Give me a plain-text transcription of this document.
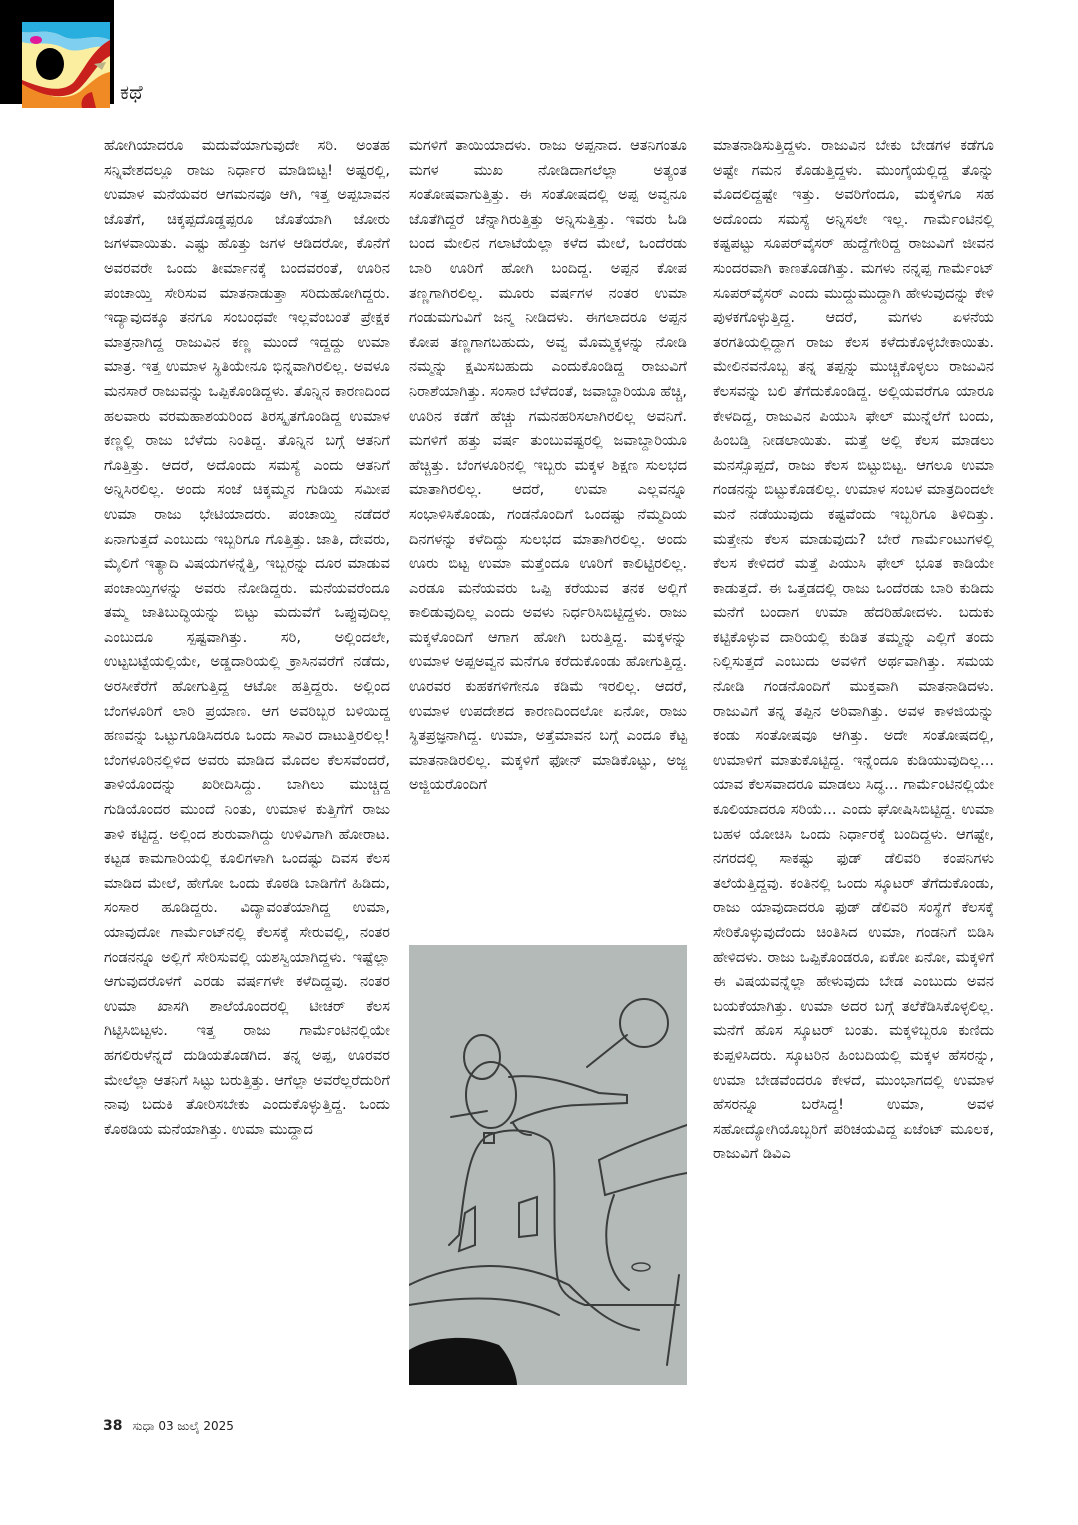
ಕಥೆ

ಹೋಗಿಯಾದರೂ ಮದುವೆಯಾಗುವುದೇ ಸರಿ. ಅಂತಹ ಸನ್ನಿವೇಶದಲ್ಲೂ ರಾಜು ನಿರ್ಧಾರ ಮಾಡಿಬಿಟ್ಟ! ಅಷ್ಟರಲ್ಲಿ, ಉಮಾಳ ಮನೆಯವರ ಆಗಮನವೂ ಆಗಿ, ಇತ್ತ ಅಪ್ಪಬಾವನ ಜೊತೆಗೆ, ಚಿಕ್ಕಪ್ಪದೊಡ್ಡಪ್ಪರೂ ಜೊತೆಯಾಗಿ ಜೋರು ಜಗಳವಾಯಿತು. ಎಷ್ಟು ಹೊತ್ತು ಜಗಳ ಆಡಿದರೋ, ಕೊನೆಗೆ ಅವರವರೇ ಒಂದು ತೀರ್ಮಾನಕ್ಕೆ ಬಂದವರಂತೆ, ಊರಿನ ಪಂಚಾಯ್ತಿ ಸೇರಿಸುವ ಮಾತನಾಡುತ್ತಾ ಸರಿದುಹೋಗಿದ್ದರು. ಇದ್ಯಾವುದಕ್ಕೂ ತನಗೂ ಸಂಬಂಧವೇ ಇಲ್ಲವೆಂಬಂತೆ ಪ್ರೇಕ್ಷಕ ಮಾತ್ರನಾಗಿದ್ದ ರಾಜುವಿನ ಕಣ್ಣ ಮುಂದೆ ಇದ್ದದ್ದು ಉಮಾ ಮಾತ್ರ. ಇತ್ತ ಉಮಾಳ ಸ್ಥಿತಿಯೇನೂ ಭಿನ್ನವಾಗಿರಲಿಲ್ಲ. ಅವಳೂ ಮನಸಾರೆ ರಾಜುವನ್ನು ಒಪ್ಪಿಕೊಂಡಿದ್ದಳು. ತೊನ್ನಿನ ಕಾರಣದಿಂದ ಹಲವಾರು ವರಮಹಾಶಯರಿಂದ ತಿರಸ್ಕೃತಗೊಂಡಿದ್ದ ಉಮಾಳ ಕಣ್ಣಲ್ಲಿ ರಾಜು ಬೆಳೆದು ನಿಂತಿದ್ದ. ತೊನ್ನಿನ ಬಗ್ಗೆ ಆತನಿಗೆ ಗೊತ್ತಿತ್ತು. ಆದರೆ, ಅದೊಂದು ಸಮಸ್ಯೆ ಎಂದು ಆತನಿಗೆ ಅನ್ನಿಸಿರಲಿಲ್ಲ. ಅಂದು ಸಂಜೆ ಚಿಕ್ಕಮ್ಮನ ಗುಡಿಯ ಸಮೀಪ ಉಮಾ ರಾಜು ಭೇಟಿಯಾದರು. ಪಂಚಾಯ್ತಿ ನಡೆದರೆ ಏನಾಗುತ್ತದೆ ಎಂಬುದು ಇಬ್ಬರಿಗೂ ಗೊತ್ತಿತ್ತು. ಜಾತಿ, ದೇವರು, ಮೈಲಿಗೆ ಇತ್ಯಾದಿ ವಿಷಯಗಳನ್ನೆತ್ತಿ, ಇಬ್ಬರನ್ನು ದೂರ ಮಾಡುವ ಪಂಚಾಯ್ತಿಗಳನ್ನು ಅವರು ನೋಡಿದ್ದರು. ಮನೆಯವರೆಂದೂ ತಮ್ಮ ಜಾತಿಬುದ್ಧಿಯನ್ನು ಬಿಟ್ಟು ಮದುವೆಗೆ ಒಪ್ಪುವುದಿಲ್ಲ ಎಂಬುದೂ ಸ್ಪಷ್ಟವಾಗಿತ್ತು. ಸರಿ, ಅಲ್ಲಿಂದಲೇ, ಉಟ್ಟಬಟ್ಟೆಯಲ್ಲಿಯೇ, ಅಡ್ಡದಾರಿಯಲ್ಲಿ ಕ್ರಾಸಿನವರೆಗೆ ನಡೆದು, ಅರಸೀಕೆರೆಗೆ ಹೋಗುತ್ತಿದ್ದ ಆಟೋ ಹತ್ತಿದ್ದರು. ಅಲ್ಲಿಂದ ಬೆಂಗಳೂರಿಗೆ ಲಾರಿ ಪ್ರಯಾಣ. ಆಗ ಅವರಿಬ್ಬರ ಬಳಿಯಿದ್ದ ಹಣವನ್ನು ಒಟ್ಟುಗೂಡಿಸಿದರೂ ಒಂದು ಸಾವಿರ ದಾಟುತ್ತಿರಲಿಲ್ಲ! ಬೆಂಗಳೂರಿನಲ್ಲಿಳಿದ ಅವರು ಮಾಡಿದ ಮೊದಲ ಕೆಲಸವೆಂದರೆ, ತಾಳಿಯೊಂದನ್ನು ಖರೀದಿಸಿದ್ದು. ಬಾಗಿಲು ಮುಚ್ಚಿದ್ದ ಗುಡಿಯೊಂದರ ಮುಂದೆ ನಿಂತು, ಉಮಾಳ ಕುತ್ತಿಗೆಗೆ ರಾಜು ತಾಳಿ ಕಟ್ಟಿದ್ದ. ಅಲ್ಲಿಂದ ಶುರುವಾಗಿದ್ದು ಉಳಿವಿಗಾಗಿ ಹೋರಾಟ. ಕಟ್ಟಡ ಕಾಮಗಾರಿಯಲ್ಲಿ ಕೂಲಿಗಳಾಗಿ ಒಂದಷ್ಟು ದಿವಸ ಕೆಲಸ ಮಾಡಿದ ಮೇಲೆ, ಹೇಗೋ ಒಂದು ಕೊಠಡಿ ಬಾಡಿಗೆಗೆ ಹಿಡಿದು, ಸಂಸಾರ ಹೂಡಿದ್ದರು. ವಿದ್ಯಾವಂತೆಯಾಗಿದ್ದ ಉಮಾ, ಯಾವುದೋ ಗಾರ್ಮೆಂಟ್‌ನಲ್ಲಿ ಕೆಲಸಕ್ಕೆ ಸೇರುವಲ್ಲಿ, ನಂತರ ಗಂಡನನ್ನೂ ಅಲ್ಲಿಗೆ ಸೇರಿಸುವಲ್ಲಿ ಯಶಸ್ವಿಯಾಗಿದ್ದಳು. ಇಷ್ಟೆಲ್ಲಾ ಆಗುವುದರೊಳಗೆ ಎರಡು ವರ್ಷಗಳೇ ಕಳೆದಿದ್ದವು. ನಂತರ ಉಮಾ ಖಾಸಗಿ ಶಾಲೆಯೊಂದರಲ್ಲಿ ಟೀಚರ್ ಕೆಲಸ ಗಿಟ್ಟಿಸಿಬಿಟ್ಟಳು. ಇತ್ತ ರಾಜು ಗಾರ್ಮೆಂಟಿನಲ್ಲಿಯೇ ಹಗಲಿರುಳೆನ್ನದೆ ದುಡಿಯತೊಡಗಿದ. ತನ್ನ ಅಪ್ಪ, ಊರವರ ಮೇಲೆಲ್ಲಾ ಆತನಿಗೆ ಸಿಟ್ಟು ಬರುತ್ತಿತ್ತು. ಆಗೆಲ್ಲಾ ಅವರೆಲ್ಲರೆದುರಿಗೆ ನಾವು ಬದುಕಿ ತೋರಿಸಬೇಕು ಎಂದುಕೊಳ್ಳುತ್ತಿದ್ದ. ಒಂದು ಕೊಠಡಿಯ ಮನೆಯಾಗಿತ್ತು. ಉಮಾ ಮುದ್ದಾದ

ಮಗಳಿಗೆ ತಾಯಿಯಾದಳು. ರಾಜು ಅಪ್ಪನಾದ. ಆತನಿಗಂತೂ ಮಗಳ ಮುಖ ನೋಡಿದಾಗಲೆಲ್ಲಾ ಅತ್ಯಂತ ಸಂತೋಷವಾಗುತ್ತಿತ್ತು. ಈ ಸಂತೋಷದಲ್ಲಿ ಅಪ್ಪ ಅವ್ವನೂ ಜೊತೆಗಿದ್ದರೆ ಚೆನ್ನಾಗಿರುತ್ತಿತ್ತು ಅನ್ನಿಸುತ್ತಿತ್ತು. ಇವರು ಓಡಿ ಬಂದ ಮೇಲಿನ ಗಲಾಟೆಯೆಲ್ಲಾ ಕಳೆದ ಮೇಲೆ, ಒಂದೆರಡು ಬಾರಿ ಊರಿಗೆ ಹೋಗಿ ಬಂದಿದ್ದ. ಅಪ್ಪನ ಕೋಪ ತಣ್ಣಗಾಗಿರಲಿಲ್ಲ. ಮೂರು ವರ್ಷಗಳ ನಂತರ ಉಮಾ ಗಂಡುಮಗುವಿಗೆ ಜನ್ಮ ನೀಡಿದಳು. ಈಗಲಾದರೂ ಅಪ್ಪನ ಕೋಪ ತಣ್ಣಗಾಗಬಹುದು, ಅವ್ವ ಮೊಮ್ಮಕ್ಕಳನ್ನು ನೋಡಿ ನಮ್ಮನ್ನು ಕ್ಷಮಿಸಬಹುದು ಎಂದುಕೊಂಡಿದ್ದ ರಾಜುವಿಗೆ ನಿರಾಶೆಯಾಗಿತ್ತು. ಸಂಸಾರ ಬೆಳೆದಂತೆ, ಜವಾಬ್ದಾರಿಯೂ ಹೆಚ್ಚಿ, ಊರಿನ ಕಡೆಗೆ ಹೆಚ್ಚು ಗಮನಹರಿಸಲಾಗಿರಲಿಲ್ಲ ಅವನಿಗೆ. ಮಗಳಿಗೆ ಹತ್ತು ವರ್ಷ ತುಂಬುವಷ್ಟರಲ್ಲಿ ಜವಾಬ್ದಾರಿಯೂ ಹೆಚ್ಚಿತ್ತು. ಬೆಂಗಳೂರಿನಲ್ಲಿ ಇಬ್ಬರು ಮಕ್ಕಳ ಶಿಕ್ಷಣ ಸುಲಭದ ಮಾತಾಗಿರಲಿಲ್ಲ. ಆದರೆ, ಉಮಾ ಎಲ್ಲವನ್ನೂ ಸಂಭಾಳಿಸಿಕೊಂಡು, ಗಂಡನೊಂದಿಗೆ ಒಂದಷ್ಟು ನೆಮ್ಮದಿಯ ದಿನಗಳನ್ನು ಕಳೆದಿದ್ದು ಸುಲಭದ ಮಾತಾಗಿರಲಿಲ್ಲ. ಅಂದು ಊರು ಬಿಟ್ಟ ಉಮಾ ಮತ್ತೆಂದೂ ಊರಿಗೆ ಕಾಲಿಟ್ಟಿರಲಿಲ್ಲ. ಎರಡೂ ಮನೆಯವರು ಒಪ್ಪಿ ಕರೆಯುವ ತನಕ ಅಲ್ಲಿಗೆ ಕಾಲಿಡುವುದಿಲ್ಲ ಎಂದು ಅವಳು ನಿರ್ಧರಿಸಿಬಿಟ್ಟಿದ್ದಳು. ರಾಜು ಮಕ್ಕಳೊಂದಿಗೆ ಆಗಾಗ ಹೋಗಿ ಬರುತ್ತಿದ್ದ. ಮಕ್ಕಳನ್ನು ಉಮಾಳ ಅಪ್ಪಅವ್ವನ ಮನೆಗೂ ಕರೆದುಕೊಂಡು ಹೋಗುತ್ತಿದ್ದ. ಊರವರ ಕುಹಕಗಳಿಗೇನೂ ಕಡಿಮೆ ಇರಲಿಲ್ಲ. ಆದರೆ, ಉಮಾಳ ಉಪದೇಶದ ಕಾರಣದಿಂದಲೋ ಏನೋ, ರಾಜು ಸ್ಥಿತಪ್ರಜ್ಞನಾಗಿದ್ದ. ಉಮಾ, ಅತ್ತೆಮಾವನ ಬಗ್ಗೆ ಎಂದೂ ಕೆಟ್ಟ ಮಾತನಾಡಿರಲಿಲ್ಲ. ಮಕ್ಕಳಿಗೆ ಫೋನ್ ಮಾಡಿಕೊಟ್ಟು, ಅಜ್ಜ ಅಜ್ಜಿಯರೊಂದಿಗೆ

ಮಾತನಾಡಿಸುತ್ತಿದ್ದಳು. ರಾಜುವಿನ ಬೇಕು ಬೇಡಗಳ ಕಡೆಗೂ ಅಷ್ಟೇ ಗಮನ ಕೊಡುತ್ತಿದ್ದಳು. ಮುಂಗೈಯಲ್ಲಿದ್ದ ತೊನ್ನು ಮೊದಲಿದ್ದಷ್ಟೇ ಇತ್ತು. ಅವರಿಗೆಂದೂ, ಮಕ್ಕಳಿಗೂ ಸಹ ಅದೊಂದು ಸಮಸ್ಯೆ ಅನ್ನಿಸಲೇ ಇಲ್ಲ. ಗಾರ್ಮೆಂಟಿನಲ್ಲಿ ಕಷ್ಟಪಟ್ಟು ಸೂಪರ್‌ವೈಸರ್ ಹುದ್ದೆಗೇರಿದ್ದ ರಾಜುವಿಗೆ ಜೀವನ ಸುಂದರವಾಗಿ ಕಾಣತೊಡಗಿತ್ತು. ಮಗಳು ನನ್ನಪ್ಪ ಗಾರ್ಮೆಂಟ್ ಸೂಪರ್‌ವೈಸರ್ ಎಂದು ಮುದ್ದುಮುದ್ದಾಗಿ ಹೇಳುವುದನ್ನು ಕೇಳಿ ಪುಳಕಗೊಳ್ಳುತ್ತಿದ್ದ. ಆದರೆ, ಮಗಳು ಏಳನೆಯ ತರಗತಿಯಲ್ಲಿದ್ದಾಗ ರಾಜು ಕೆಲಸ ಕಳೆದುಕೊಳ್ಳಬೇಕಾಯಿತು. ಮೇಲಿನವನೊಬ್ಬ ತನ್ನ ತಪ್ಪನ್ನು ಮುಚ್ಚಿಕೊಳ್ಳಲು ರಾಜುವಿನ ಕೆಲಸವನ್ನು ಬಲಿ ತೆಗೆದುಕೊಂಡಿದ್ದ. ಅಲ್ಲಿಯವರೆಗೂ ಯಾರೂ ಕೇಳದಿದ್ದ, ರಾಜುವಿನ ಪಿಯುಸಿ ಫೇಲ್ ಮುನ್ನೆಲೆಗೆ ಬಂದು, ಹಿಂಬಡ್ತಿ ನೀಡಲಾಯಿತು. ಮತ್ತೆ ಅಲ್ಲಿ ಕೆಲಸ ಮಾಡಲು ಮನಸ್ಸೊಪ್ಪದೆ, ರಾಜು ಕೆಲಸ ಬಿಟ್ಟುಬಿಟ್ಟ. ಆಗಲೂ ಉಮಾ ಗಂಡನನ್ನು ಬಿಟ್ಟುಕೊಡಲಿಲ್ಲ. ಉಮಾಳ ಸಂಬಳ ಮಾತ್ರದಿಂದಲೇ ಮನೆ ನಡೆಯುವುದು ಕಷ್ಟವೆಂದು ಇಬ್ಬರಿಗೂ ತಿಳಿದಿತ್ತು. ಮತ್ತೇನು ಕೆಲಸ ಮಾಡುವುದು? ಬೇರೆ ಗಾರ್ಮೆಂಟುಗಳಲ್ಲಿ ಕೆಲಸ ಕೇಳಿದರೆ ಮತ್ತೆ ಪಿಯುಸಿ ಫೇಲ್ ಭೂತ ಕಾಡಿಯೇ ಕಾಡುತ್ತದೆ. ಈ ಒತ್ತಡದಲ್ಲಿ ರಾಜು ಒಂದೆರಡು ಬಾರಿ ಕುಡಿದು ಮನೆಗೆ ಬಂದಾಗ ಉಮಾ ಹೆದರಿಹೋದಳು. ಬದುಕು ಕಟ್ಟಿಕೊಳ್ಳುವ ದಾರಿಯಲ್ಲಿ ಕುಡಿತ ತಮ್ಮನ್ನು ಎಲ್ಲಿಗೆ ತಂದು ನಿಲ್ಲಿಸುತ್ತದೆ ಎಂಬುದು ಅವಳಿಗೆ ಅರ್ಥವಾಗಿತ್ತು. ಸಮಯ ನೋಡಿ ಗಂಡನೊಂದಿಗೆ ಮುಕ್ತವಾಗಿ ಮಾತನಾಡಿದಳು. ರಾಜುವಿಗೆ ತನ್ನ ತಪ್ಪಿನ ಅರಿವಾಗಿತ್ತು. ಅವಳ ಕಾಳಜಿಯನ್ನು ಕಂಡು ಸಂತೋಷವೂ ಆಗಿತ್ತು. ಅದೇ ಸಂತೋಷದಲ್ಲಿ, ಉಮಾಳಿಗೆ ಮಾತುಕೊಟ್ಟಿದ್ದ. ಇನ್ನೆಂದೂ ಕುಡಿಯುವುದಿಲ್ಲ... ಯಾವ ಕೆಲಸವಾದರೂ ಮಾಡಲು ಸಿದ್ಧ... ಗಾರ್ಮೆಂಟಿನಲ್ಲಿಯೇ ಕೂಲಿಯಾದರೂ ಸರಿಯೆ... ಎಂದು ಘೋಷಿಸಿಬಿಟ್ಟಿದ್ದ. ಉಮಾ ಬಹಳ ಯೋಚಿಸಿ ಒಂದು ನಿರ್ಧಾರಕ್ಕೆ ಬಂದಿದ್ದಳು. ಆಗಷ್ಟೇ, ನಗರದಲ್ಲಿ ಸಾಕಷ್ಟು ಫುಡ್ ಡೆಲಿವರಿ ಕಂಪನಿಗಳು ತಲೆಯೆತ್ತಿದ್ದವು. ಕಂತಿನಲ್ಲಿ ಒಂದು ಸ್ಕೂಟರ್ ತೆಗೆದುಕೊಂಡು, ರಾಜು ಯಾವುದಾದರೂ ಫುಡ್ ಡೆಲಿವರಿ ಸಂಸ್ಥೆಗೆ ಕೆಲಸಕ್ಕೆ ಸೇರಿಕೊಳ್ಳುವುದೆಂದು ಚಿಂತಿಸಿದ ಉಮಾ, ಗಂಡನಿಗೆ ಬಿಡಿಸಿ ಹೇಳಿದಳು. ರಾಜು ಒಪ್ಪಿಕೊಂಡರೂ, ಏಕೋ ಏನೋ, ಮಕ್ಕಳಿಗೆ ಈ ವಿಷಯವನ್ನೆಲ್ಲಾ ಹೇಳುವುದು ಬೇಡ ಎಂಬುದು ಅವನ ಬಯಕೆಯಾಗಿತ್ತು. ಉಮಾ ಅದರ ಬಗ್ಗೆ ತಲೆಕೆಡಿಸಿಕೊಳ್ಳಲಿಲ್ಲ. ಮನೆಗೆ ಹೊಸ ಸ್ಕೂಟರ್ ಬಂತು. ಮಕ್ಕಳಿಬ್ಬರೂ ಕುಣಿದು ಕುಪ್ಪಳಿಸಿದರು. ಸ್ಕೂಟರಿನ ಹಿಂಬದಿಯಲ್ಲಿ ಮಕ್ಕಳ ಹೆಸರನ್ನು, ಉಮಾ ಬೇಡವೆಂದರೂ ಕೇಳದೆ, ಮುಂಭಾಗದಲ್ಲಿ ಉಮಾಳ ಹೆಸರನ್ನೂ ಬರೆಸಿದ್ದ! ಉಮಾ, ಅವಳ ಸಹೋದ್ಯೋಗಿಯೊಬ್ಬರಿಗೆ ಪರಿಚಯವಿದ್ದ ಏಜೆಂಟ್ ಮೂಲಕ, ರಾಜುವಿಗೆ ಡಿವಿಎ

38 ಸುಧಾ 03 ಜುಲೈ 2025
